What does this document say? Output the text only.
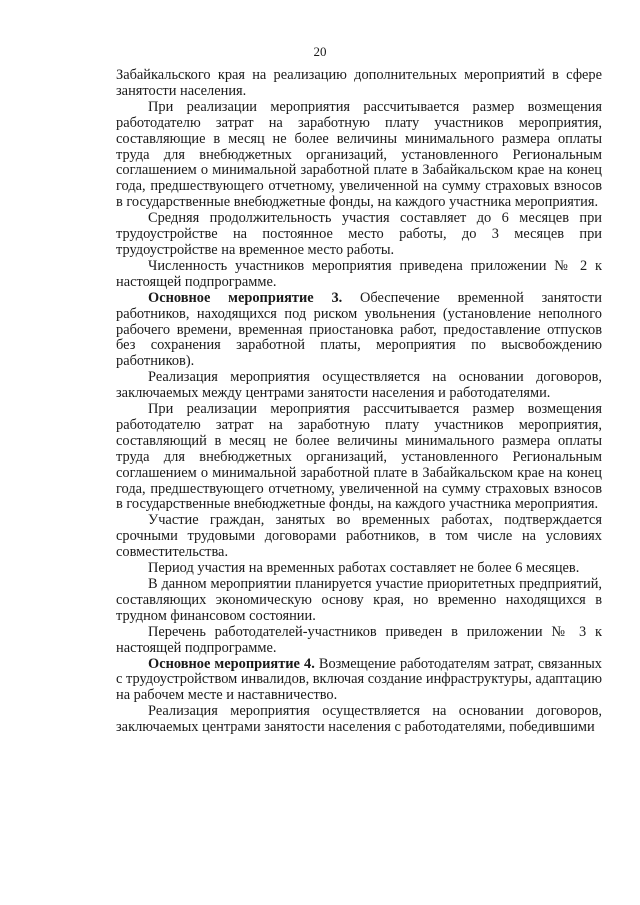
20

Забайкальского края на реализацию дополнительных мероприятий в сфере занятости населения.

При реализации мероприятия рассчитывается размер возмещения работодателю затрат на заработную плату участников мероприятия, составляющие в месяц не более величины минимального размера оплаты труда для внебюджетных организаций, установленного Региональным соглашением о минимальной заработной плате в Забайкальском крае на конец года, предшествующего отчетному, увеличенной на сумму страховых взносов в государственные внебюджетные фонды, на каждого участника мероприятия.

Средняя продолжительность участия составляет до 6 месяцев при трудоустройстве на постоянное место работы, до 3 месяцев при трудоустройстве на временное место работы.

Численность участников мероприятия приведена приложении № 2 к настоящей подпрограмме.

Основное мероприятие 3. Обеспечение временной занятости работников, находящихся под риском увольнения (установление неполного рабочего времени, временная приостановка работ, предоставление отпусков без сохранения заработной платы, мероприятия по высвобождению работников).

Реализация мероприятия осуществляется на основании договоров, заключаемых между центрами занятости населения и работодателями.

При реализации мероприятия рассчитывается размер возмещения работодателю затрат на заработную плату участников мероприятия, составляющий в месяц не более величины минимального размера оплаты труда для внебюджетных организаций, установленного Региональным соглашением о минимальной заработной плате в Забайкальском крае на конец года, предшествующего отчетному, увеличенной на сумму страховых взносов в государственные внебюджетные фонды, на каждого участника мероприятия.

Участие граждан, занятых во временных работах, подтверждается срочными трудовыми договорами работников, в том числе на условиях совместительства.

Период участия на временных работах составляет не более 6 месяцев.

В данном мероприятии планируется участие приоритетных предприятий, составляющих экономическую основу края, но временно находящихся в трудном финансовом состоянии.

Перечень работодателей-участников приведен в приложении № 3 к настоящей подпрограмме.

Основное мероприятие 4. Возмещение работодателям затрат, связанных с трудоустройством инвалидов, включая создание инфраструктуры, адаптацию на рабочем месте и наставничество.

Реализация мероприятия осуществляется на основании договоров, заключаемых центрами занятости населения с работодателями, победившими
